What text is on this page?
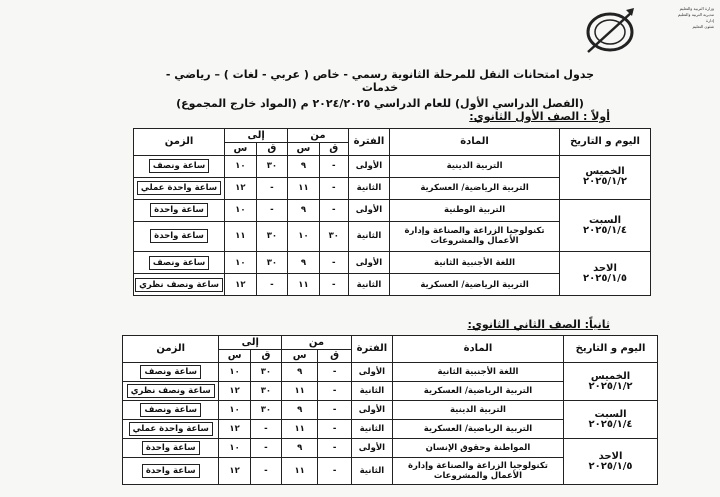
وزارة التربية والتعليم
مديرية التربية والتعليم
إدارة
شئون التعليم
جدول امتحانات النقل للمرحلة الثانوية رسمي - خاص ( عربي - لغات ) – رياضي - خدمات
(الفصل الدراسي الأول) للعام الدراسي ٢٠٢٤/٢٠٢٥ م (المواد خارج المجموع)
أولاً : الصف الأول الثانوي:
اليوم و التاريخ	المادة	الفترة	من		إلى		الزمن
			ق	س	ق	س	

الخميس
٢٠٢٥/١/٢	التربية الدينية	الأولى	-	٩	٣٠	١٠	ساعة ونصف
	التربية الرياضية/ العسكرية	الثانية	-	١١	-	١٢	ساعة واحدة عملي

السبت
٢٠٢٥/١/٤	التربية الوطنية	الأولى	-	٩	-	١٠	ساعة واحدة
	تكنولوجيا الزراعة والصناعة وإدارة الأعمال والمشروعات	الثانية	٣٠	١٠	٣٠	١١	ساعة واحدة

الاحد
٢٠٢٥/١/٥	اللغة الأجنبية الثانية	الأولى	-	٩	٣٠	١٠	ساعة ونصف
	التربية الرياضية/ العسكرية	الثانية	-	١١	-	١٢	ساعة ونصف نظري
ثانياً: الصف الثاني الثانوي:
اليوم و التاريخ	المادة	الفترة	من		إلى		الزمن
			ق	س	ق	س	

الخميس
٢٠٢٥/١/٢	اللغة الأجنبية الثانية	الأولى	-	٩	٣٠	١٠	ساعة ونصف
	التربية الرياضية/ العسكرية	الثانية	-	١١	٣٠	١٢	ساعة ونصف نظري

السبت
٢٠٢٥/١/٤	التربية الدينية	الأولى	-	٩	٣٠	١٠	ساعة ونصف
	التربية الرياضية/ العسكرية	الثانية	-	١١	-	١٢	ساعة واحدة عملي

الاحد
٢٠٢٥/١/٥	المواطنة وحقوق الإنسان	الأولى	-	٩	-	١٠	ساعة واحدة
	تكنولوجيا الزراعة والصناعة وإدارة الأعمال والمشروعات	الثانية	-	١١	-	١٢	ساعة واحدة
